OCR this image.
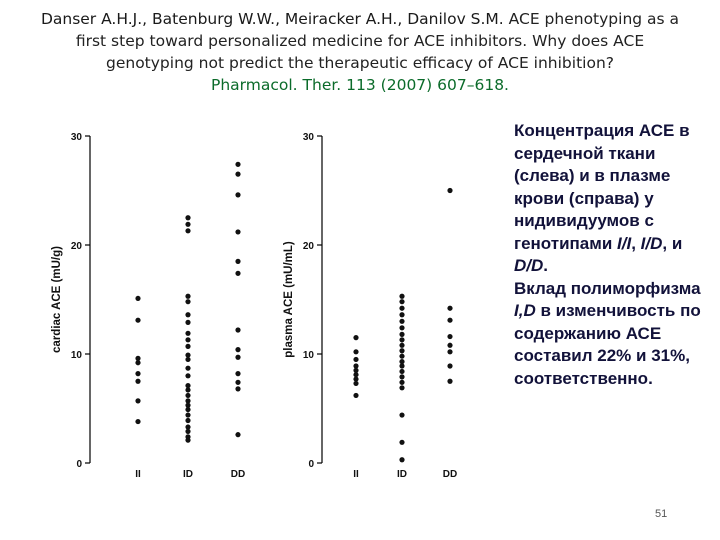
Danser A.H.J., Batenburg W.W., Meiracker A.H., Danilov S.M. ACE phenotyping as a first step toward personalized medicine for ACE inhibitors. Why does ACE genotyping not predict the therapeutic efficacy of ACE inhibition?
Pharmacol. Ther. 113 (2007) 607–618.
0
10
20
30
cardiac ACE (mU/g)
II	ID	DD
0
10
20
30
plasma ACE (mU/mL)
II	ID	DD
Концентрация АСЕ в сердечной ткани (слева) и в плазме крови (справа) у нидивидуумов с генотипами I/I, I/D, и D/D.
Вклад полиморфизма I,D в изменчивость по содержанию АСЕ составил 22% и 31%, соответственно.
51
